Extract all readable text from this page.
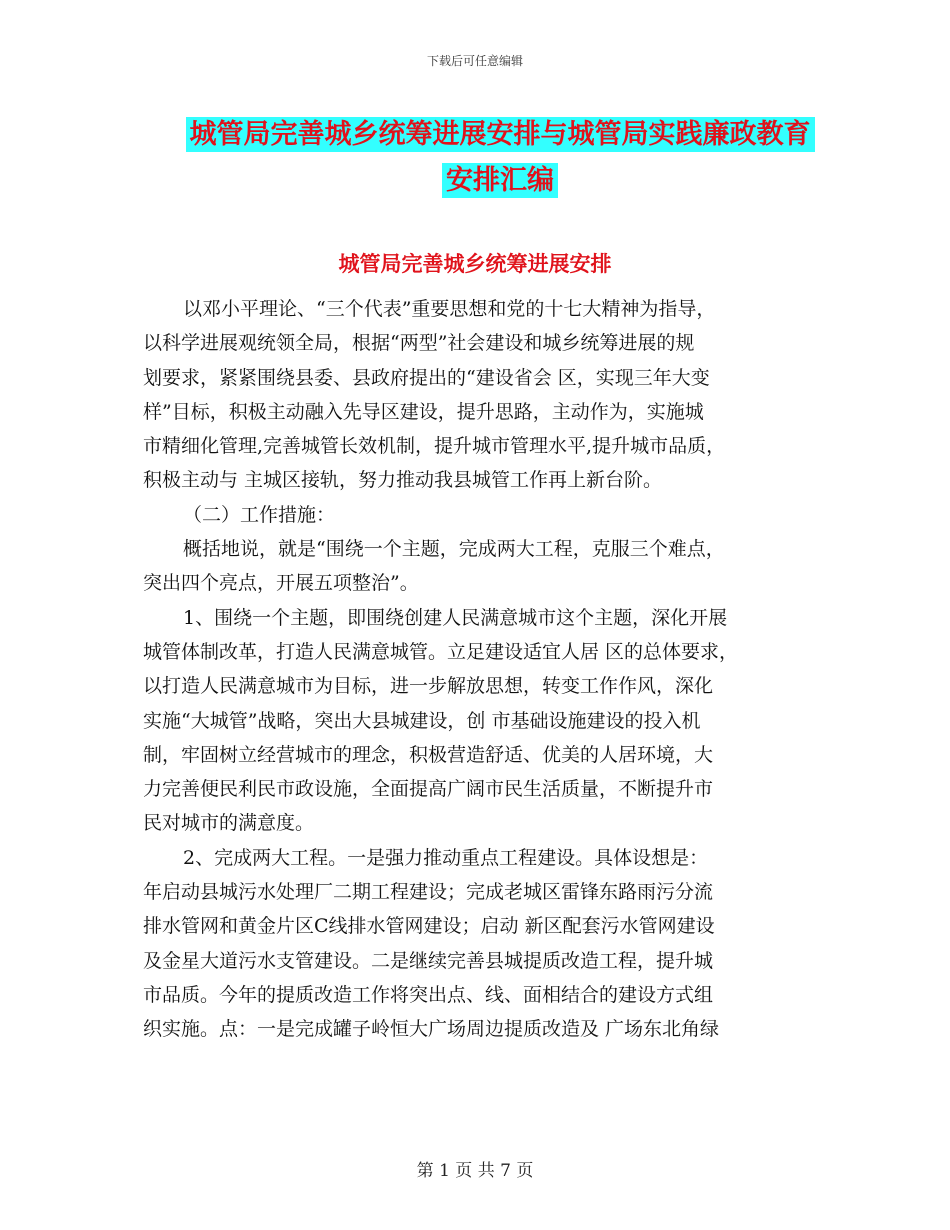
下载后可任意编辑
城管局完善城乡统筹进展安排与城管局实践廉政教育
安排汇编
城管局完善城乡统筹进展安排
以邓小平理论、“三个代表”重要思想和党的十七大精神为指导，
以科学进展观统领全局，根据“两型”社会建设和城乡统筹进展的规
划要求，紧紧围绕县委、县政府提出的“建设省会 区，实现三年大变
样”目标，积极主动融入先导区建设，提升思路，主动作为，实施城
市精细化管理,完善城管长效机制，提升城市管理水平,提升城市品质，
积极主动与 主城区接轨，努力推动我县城管工作再上新台阶。
（二）工作措施：
概括地说，就是“围绕一个主题，完成两大工程，克服三个难点，
突出四个亮点，开展五项整治”。
1、围绕一个主题，即围绕创建人民满意城市这个主题，深化开展
城管体制改革，打造人民满意城管。立足建设适宜人居 区的总体要求，
以打造人民满意城市为目标，进一步解放思想，转变工作作风，深化
实施“大城管”战略，突出大县城建设，创 市基础设施建设的投入机
制，牢固树立经营城市的理念，积极营造舒适、优美的人居环境，大
力完善便民利民市政设施，全面提高广阔市民生活质量，不断提升市
民对城市的满意度。
2、完成两大工程。一是强力推动重点工程建设。具体设想是：
年启动县城污水处理厂二期工程建设；完成老城区雷锋东路雨污分流
排水管网和黄金片区C线排水管网建设；启动 新区配套污水管网建设
及金星大道污水支管建设。二是继续完善县城提质改造工程，提升城
市品质。今年的提质改造工作将突出点、线、面相结合的建设方式组
织实施。点：一是完成罐子岭恒大广场周边提质改造及 广场东北角绿
第 1 页 共 7 页
